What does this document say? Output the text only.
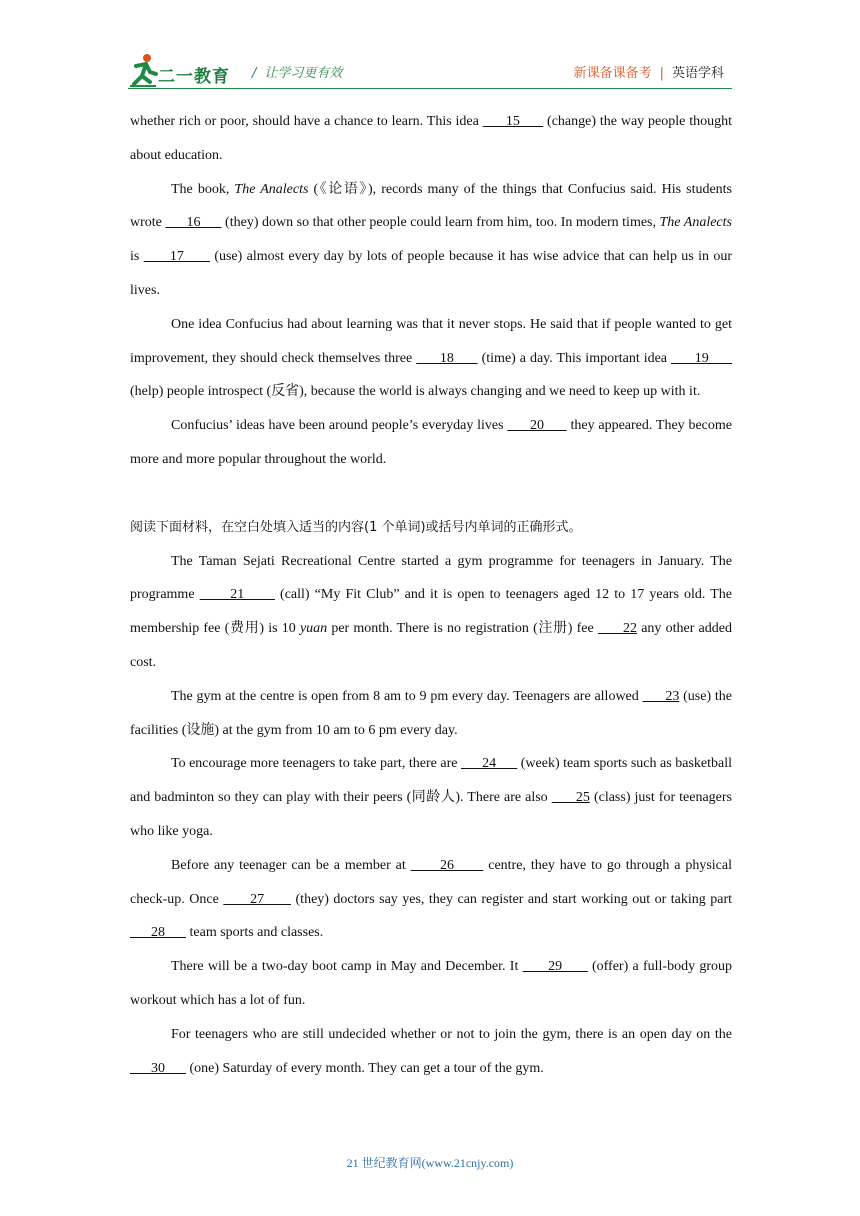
二一教育 / 让学习更有效	新课备课备考 | 英语学科

whether rich or poor, should have a chance to learn. This idea       15       (change) the way people thought about education.

The book, The Analects (《论语》), records many of the things that Confucius said. His students wrote       16       (they) down so that other people could learn from him, too. In modern times, The Analects is       17       (use) almost every day by lots of people because it has wise advice that can help us in our lives.

One idea Confucius had about learning was that it never stops. He said that if people wanted to get improvement, they should check themselves three       18       (time) a day. This important idea       19       (help) people introspect (反省), because the world is always changing and we need to keep up with it.

Confucius’ ideas have been around people’s everyday lives       20       they appeared. They become more and more popular throughout the world.

阅读下面材料，在空白处填入适当的内容(1 个单词)或括号内单词的正确形式。

The Taman Sejati Recreational Centre started a gym programme for teenagers in January. The programme       21       (call) “My Fit Club” and it is open to teenagers aged 12 to 17 years old. The membership fee (费用) is 10 yuan per month. There is no registration (注册) fee       22 any other added cost.

The gym at the centre is open from 8 am to 9 pm every day. Teenagers are allowed       23 (use) the facilities (设施) at the gym from 10 am to 6 pm every day.

To encourage more teenagers to take part, there are       24       (week) team sports such as basketball and badminton so they can play with their peers (同龄人). There are also       25 (class) just for teenagers who like yoga.

Before any teenager can be a member at       26       centre, they have to go through a physical check-up. Once       27       (they) doctors say yes, they can register and start working out or taking part       28       team sports and classes.

There will be a two-day boot camp in May and December. It       29       (offer) a full-body group workout which has a lot of fun.

For teenagers who are still undecided whether or not to join the gym, there is an open day on the       30       (one) Saturday of every month. They can get a tour of the gym.

21 世纪教育网(www.21cnjy.com)
